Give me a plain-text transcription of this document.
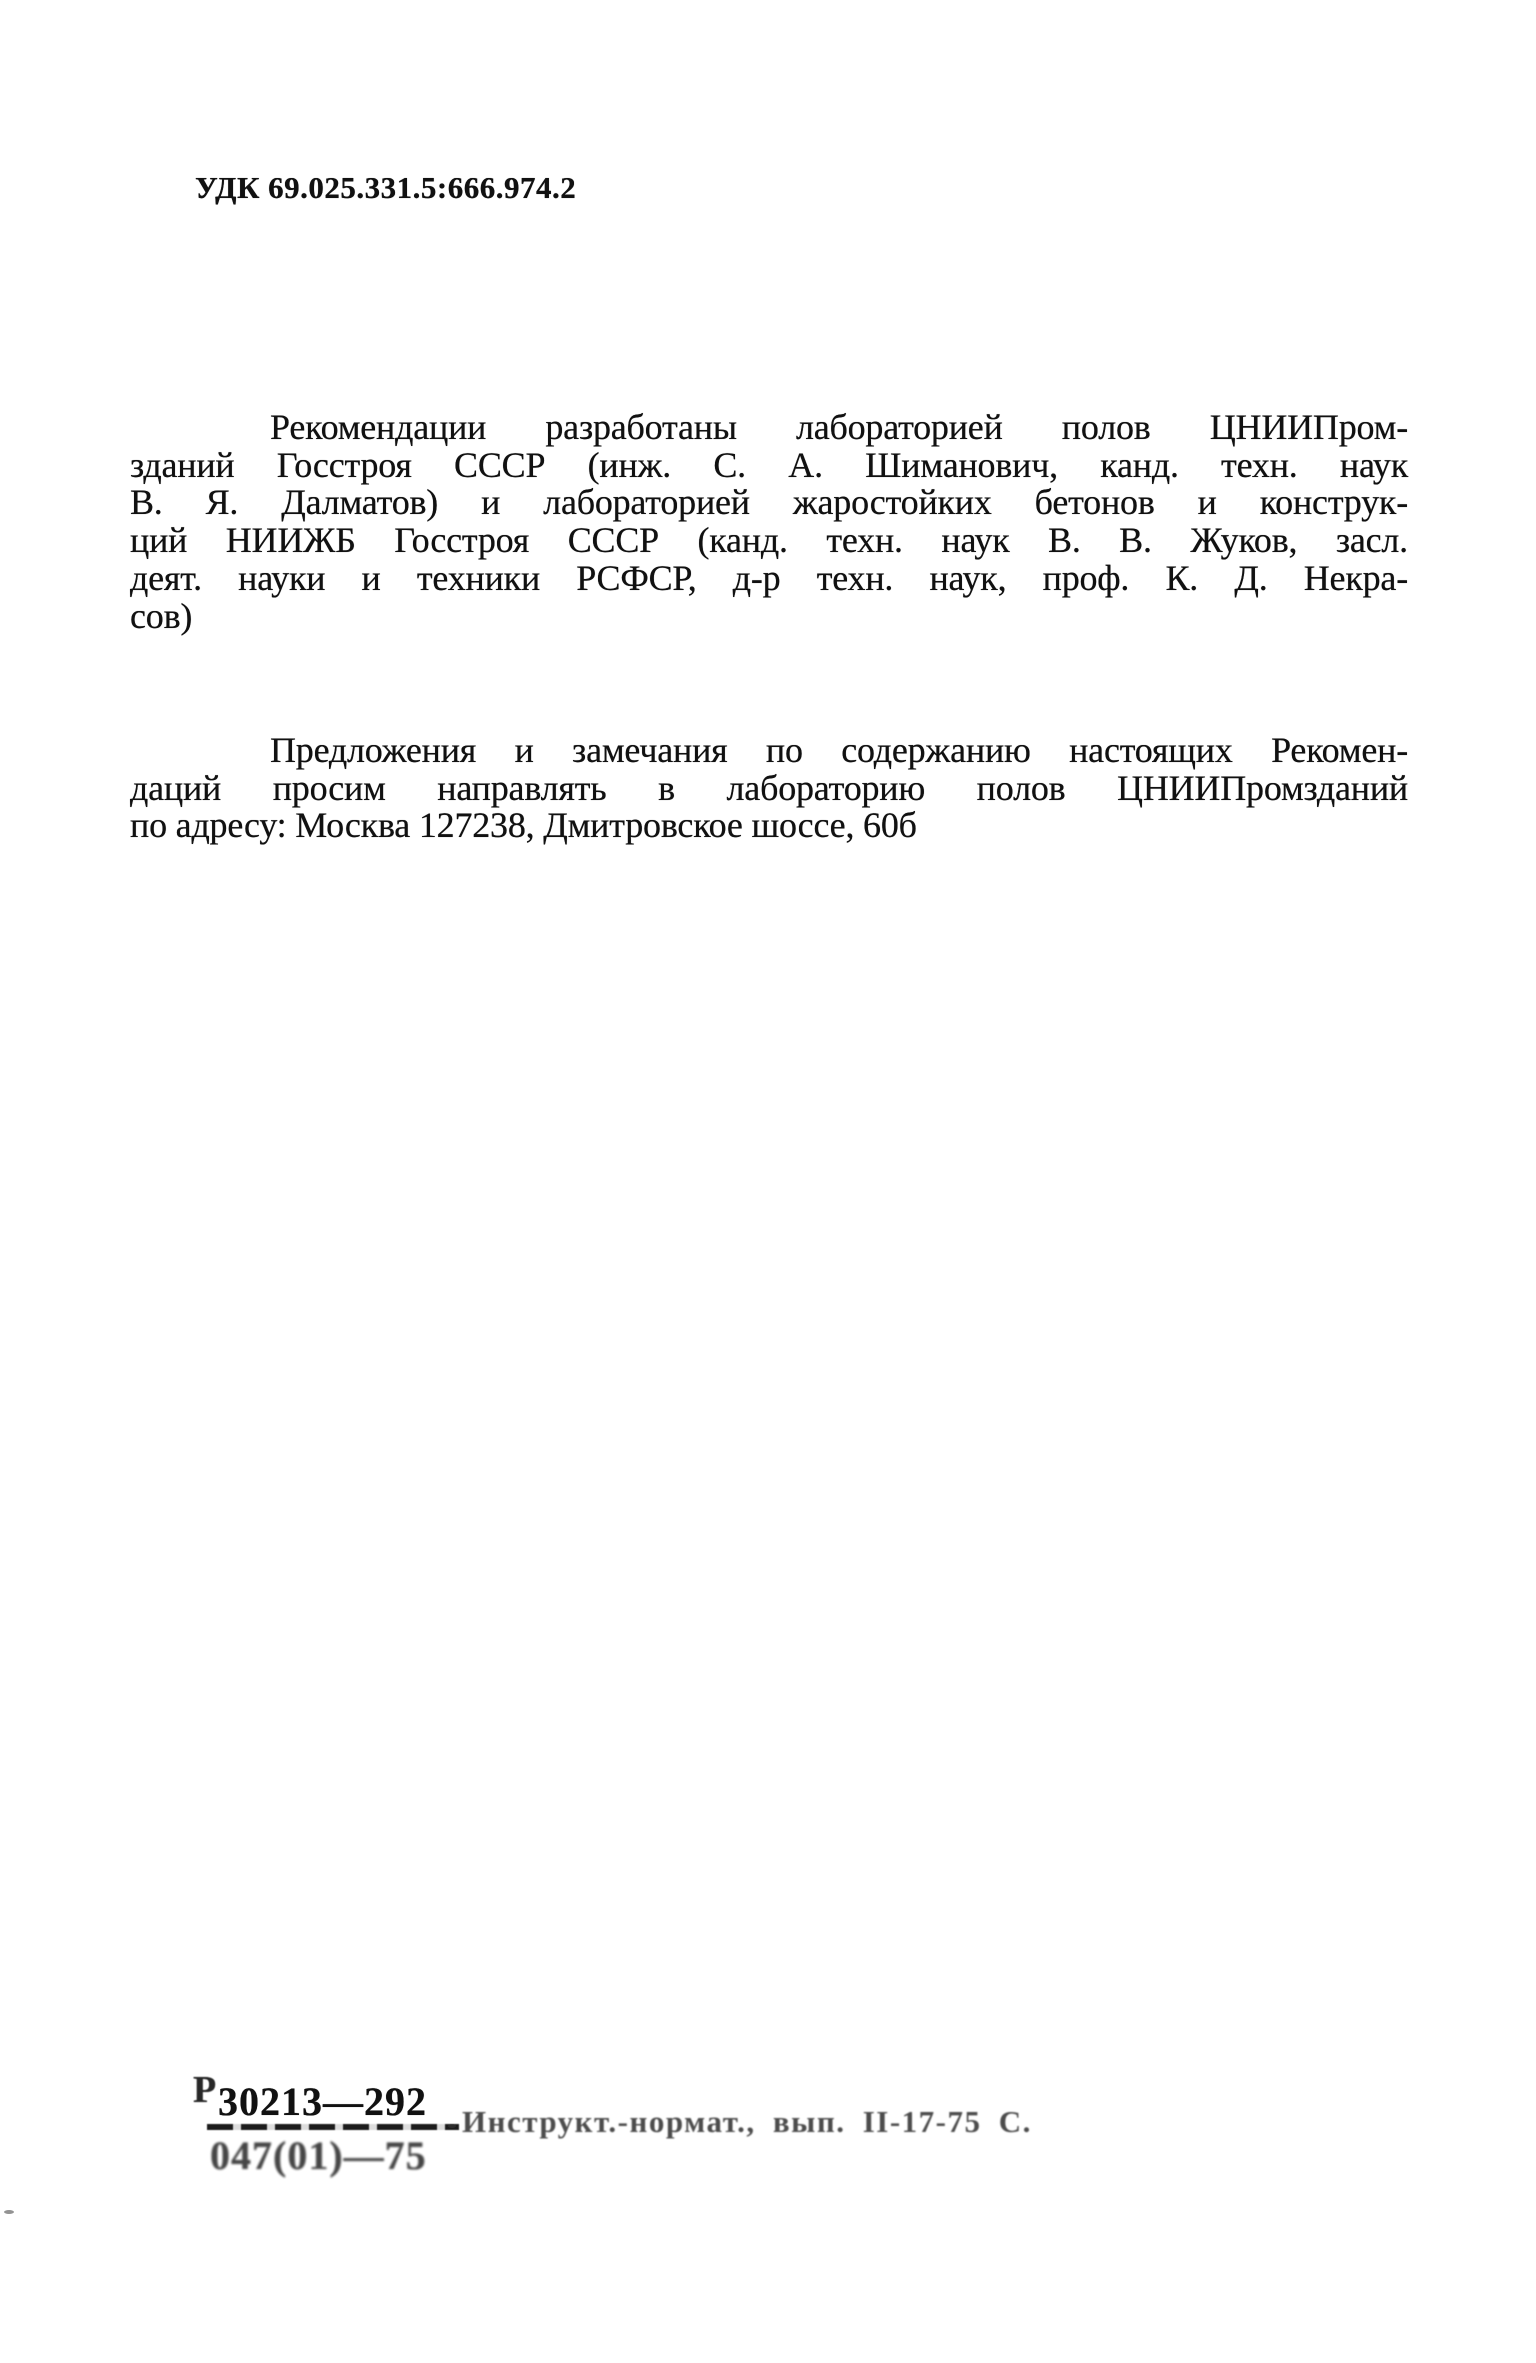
УДК 69.025.331.5:666.974.2
Рекомендации разработаны лабораторией полов ЦНИИПром-
зданий Госстроя СССР (инж. С. А. Шиманович, канд. техн. наук
В. Я. Далматов) и лабораторией жаростойких бетонов и конструк-
ций НИИЖБ Госстроя СССР (канд. техн. наук В. В. Жуков, засл.
деят. науки и техники РСФСР, д-р техн. наук, проф. К. Д. Некра-
сов)
Предложения и замечания по содержанию настоящих Рекомен-
даций просим направлять в лабораторию полов ЦНИИПромзданий
по адресу: Москва 127238, Дмитровское шоссе, 60б
Р 30213—292
047(01)—75
Инструкт.-нормат., вып. II-17-75 С.
